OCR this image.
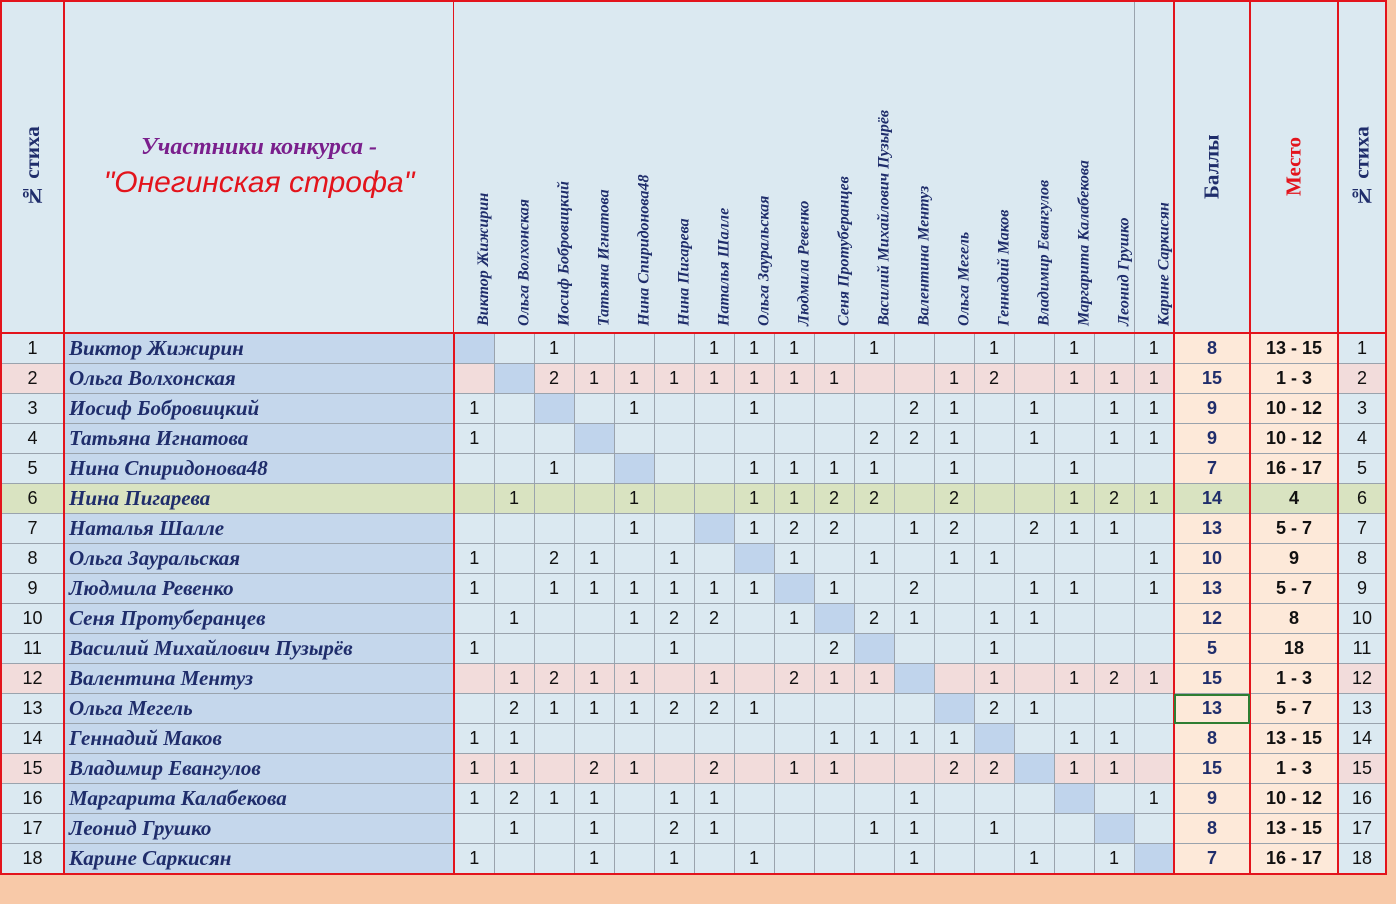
№ стиха	Участники конкурса -
"Онегинская строфа"	Виктор Жижирин	Ольга Волхонская	Иосиф Бобровицкий	Татьяна Игнатова	Нина Спиридонова48	Нина Пигарева	Наталья Шалле	Ольга Зауральская	Людмила Ревенко	Сеня Протуберанцев	Василий Михайлович Пузырёв	Валентина Ментуз	Ольга Мегель	Геннадий Маков	Владимир Евангулов	Маргарита Калабекова	Леонид Грушко	Карине Саркисян	Баллы	Место	№ стиха
1	Виктор Жижирин			1				1	1	1		1			1		1		1	8	13 - 15	1
2	Ольга Волхонская			2	1	1	1	1	1	1	1			1	2		1	1	1	15	1 - 3	2
3	Иосиф Бобровицкий	1				1			1				2	1		1		1	1	9	10 - 12	3
4	Татьяна Игнатова	1										2	2	1		1		1	1	9	10 - 12	4
5	Нина Спиридонова48			1					1	1	1	1		1			1			7	16 - 17	5
6	Нина Пигарева		1			1			1	1	2	2		2			1	2	1	14	4	6
7	Наталья Шалле					1			1	2	2		1	2		2	1	1		13	5 - 7	7
8	Ольга Зауральская	1		2	1		1			1		1		1	1				1	10	9	8
9	Людмила Ревенко	1		1	1	1	1	1	1		1		2			1	1		1	13	5 - 7	9
10	Сеня Протуберанцев		1			1	2	2		1		2	1		1	1				12	8	10
11	Василий Михайлович Пузырёв	1					1				2				1					5	18	11
12	Валентина Ментуз		1	2	1	1		1		2	1	1			1		1	2	1	15	1 - 3	12
13	Ольга Мегель		2	1	1	1	2	2	1						2	1				13	5 - 7	13
14	Геннадий Маков	1	1								1	1	1	1			1	1		8	13 - 15	14
15	Владимир Евангулов	1	1		2	1		2		1	1			2	2		1	1		15	1 - 3	15
16	Маргарита Калабекова	1	2	1	1		1	1					1						1	9	10 - 12	16
17	Леонид Грушко		1		1		2	1				1	1		1					8	13 - 15	17
18	Карине Саркисян	1			1		1		1				1			1		1		7	16 - 17	18
